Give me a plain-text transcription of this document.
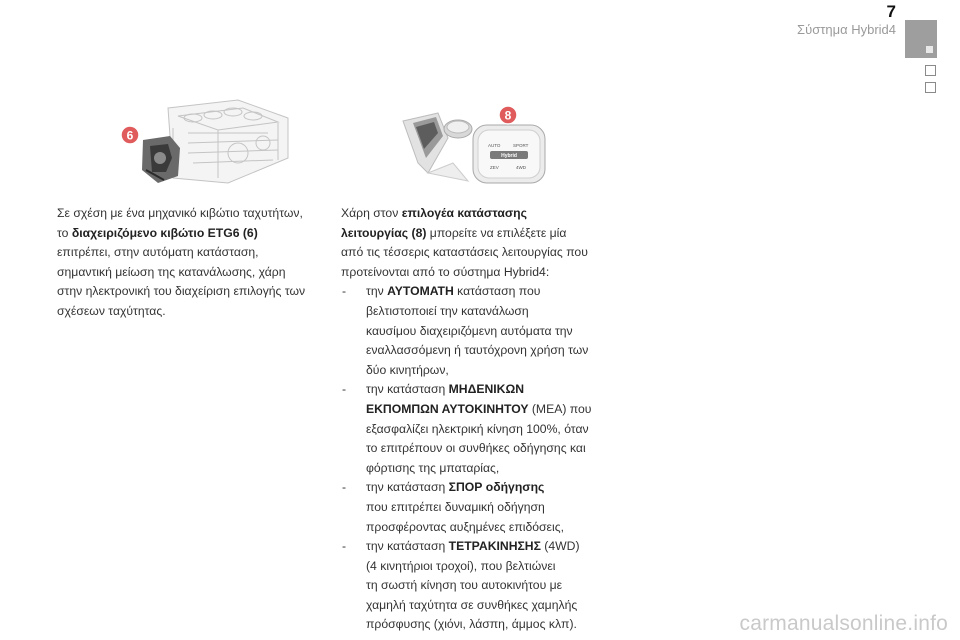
7
Σύστημα Hybrid4
6
AUTO	SPORT
Hybrid
ZEV	4WD
8

Σε σχέση με ένα μηχανικό κιβώτιο ταχυτήτων,

το διαχειριζόμενο κιβώτιο ETG6 (6)

επιτρέπει, στην αυτόματη κατάσταση,

σημαντική μείωση της κατανάλωσης, χάρη

στην ηλεκτρονική του διαχείριση επιλογής των

σχέσεων ταχύτητας.

Χάρη στον επιλογέα κατάστασης

λειτουργίας (8) μπορείτε να επιλέξετε μία

από τις τέσσερις καταστάσεις λειτουργίας που

προτείνονται από το σύστημα Hybrid4:

- την ΑΥΤΟΜΑΤΗ κατάσταση που

βελτιστοποιεί την κατανάλωση

καυσίμου διαχειριζόμενη αυτόματα την

εναλλασσόμενη ή ταυτόχρονη χρήση των

δύο κινητήρων,

- την κατάσταση ΜΗΔΕΝΙΚΩΝ

ΕΚΠΟΜΠΩΝ ΑΥΤΟΚΙΝΗΤΟΥ (ΜΕΑ) που

εξασφαλίζει ηλεκτρική κίνηση 100%, όταν

το επιτρέπουν οι συνθήκες οδήγησης και

φόρτισης της μπαταρίας,

- την κατάσταση ΣΠΟΡ οδήγησης

που επιτρέπει δυναμική οδήγηση

προσφέροντας αυξημένες επιδόσεις,

- την κατάσταση ΤΕΤΡΑΚΙΝΗΣΗΣ (4WD)

(4 κινητήριοι τροχοί), που βελτιώνει

τη σωστή κίνηση του αυτοκινήτου με

χαμηλή ταχύτητα σε συνθήκες χαμηλής

πρόσφυσης (χιόνι, λάσπη, άμμος κλπ).	carmanualsonline.info
